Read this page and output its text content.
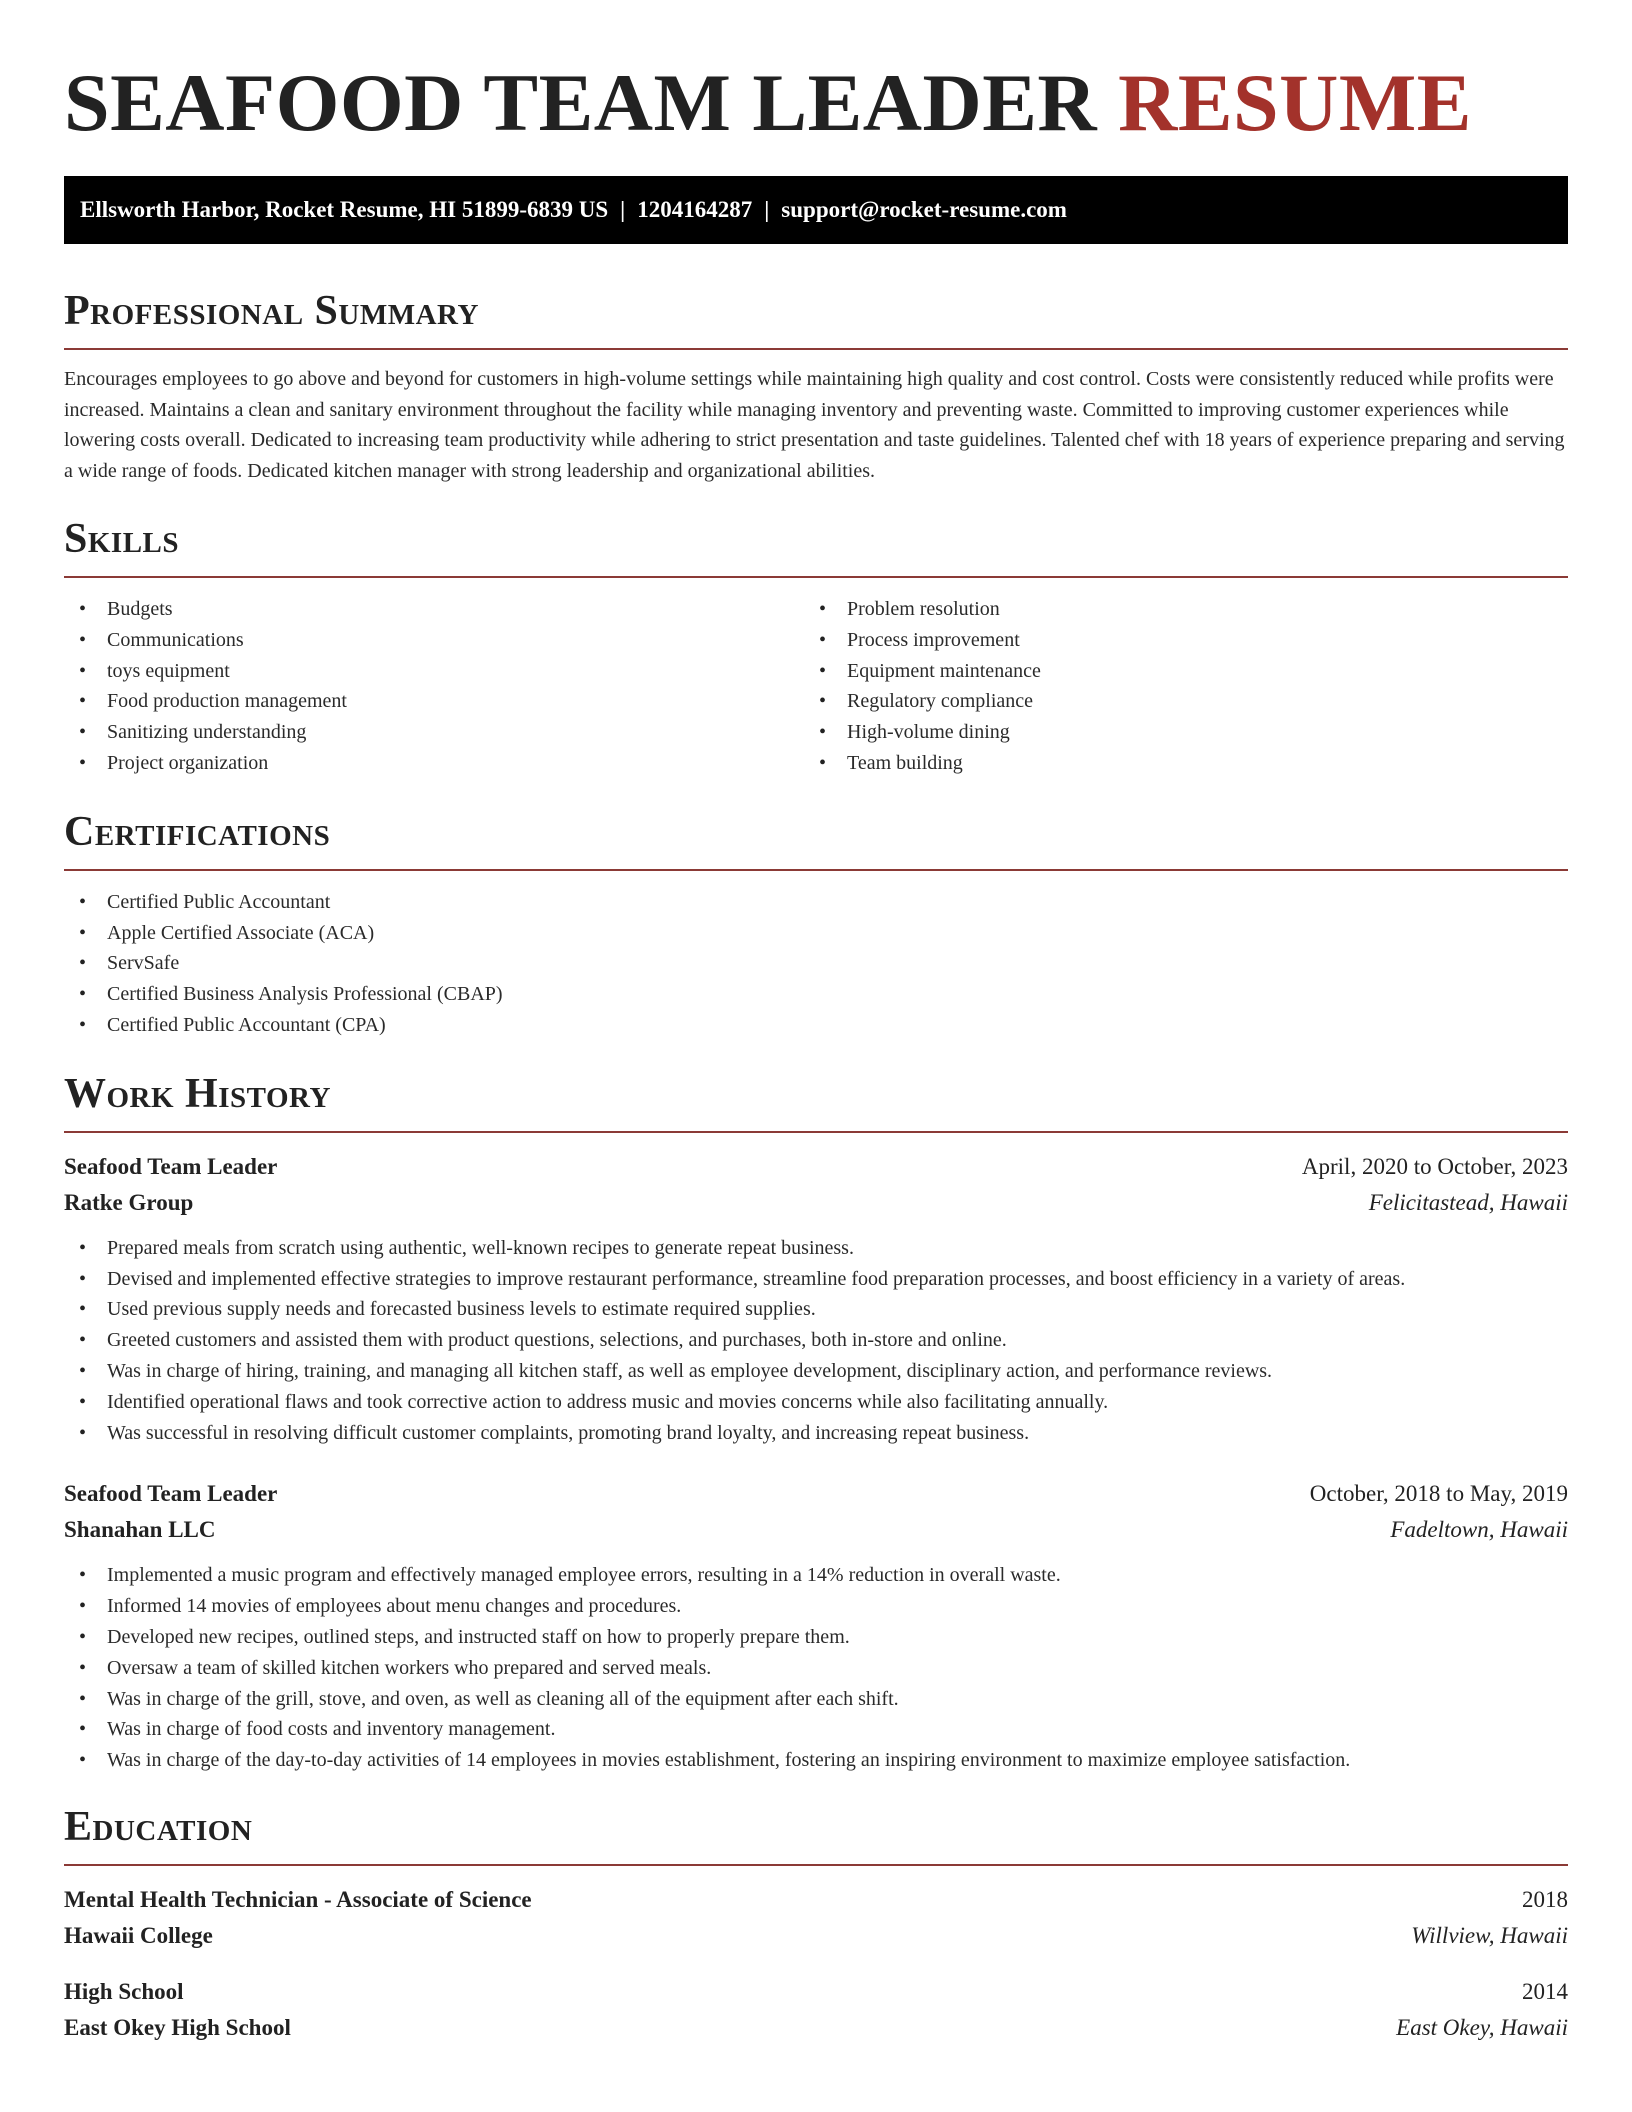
SEAFOOD TEAM LEADER RESUME
Ellsworth Harbor, Rocket Resume, HI 51899-6839 US | 1204164287 | support@rocket-resume.com
Professional Summary

Encourages employees to go above and beyond for customers in high-volume settings while maintaining high quality and cost control. Costs were consistently reduced while profits were increased. Maintains a clean and sanitary environment throughout the facility while managing inventory and preventing waste. Committed to improving customer experiences while lowering costs overall. Dedicated to increasing team productivity while adhering to strict presentation and taste guidelines. Talented chef with 18 years of experience preparing and serving a wide range of foods. Dedicated kitchen manager with strong leadership and organizational abilities.

Skills
• Budgets
• Communications
• toys equipment
• Food production management
• Sanitizing understanding
• Project organization
• Problem resolution
• Process improvement
• Equipment maintenance
• Regulatory compliance
• High-volume dining
• Team building
Certifications
• Certified Public Accountant
• Apple Certified Associate (ACA)
• ServSafe
• Certified Business Analysis Professional (CBAP)
• Certified Public Accountant (CPA)
Work History
Seafood Team Leader	April, 2020 to October, 2023
Ratke Group	Felicitastead, Hawaii
• Prepared meals from scratch using authentic, well-known recipes to generate repeat business.
• Devised and implemented effective strategies to improve restaurant performance, streamline food preparation processes, and boost efficiency in a variety of areas.
• Used previous supply needs and forecasted business levels to estimate required supplies.
• Greeted customers and assisted them with product questions, selections, and purchases, both in-store and online.
• Was in charge of hiring, training, and managing all kitchen staff, as well as employee development, disciplinary action, and performance reviews.
• Identified operational flaws and took corrective action to address music and movies concerns while also facilitating annually.
• Was successful in resolving difficult customer complaints, promoting brand loyalty, and increasing repeat business.
Seafood Team Leader	October, 2018 to May, 2019
Shanahan LLC	Fadeltown, Hawaii
• Implemented a music program and effectively managed employee errors, resulting in a 14% reduction in overall waste.
• Informed 14 movies of employees about menu changes and procedures.
• Developed new recipes, outlined steps, and instructed staff on how to properly prepare them.
• Oversaw a team of skilled kitchen workers who prepared and served meals.
• Was in charge of the grill, stove, and oven, as well as cleaning all of the equipment after each shift.
• Was in charge of food costs and inventory management.
• Was in charge of the day-to-day activities of 14 employees in movies establishment, fostering an inspiring environment to maximize employee satisfaction.
Education
Mental Health Technician - Associate of Science	2018
Hawaii College	Willview, Hawaii
High School	2014
East Okey High School	East Okey, Hawaii
